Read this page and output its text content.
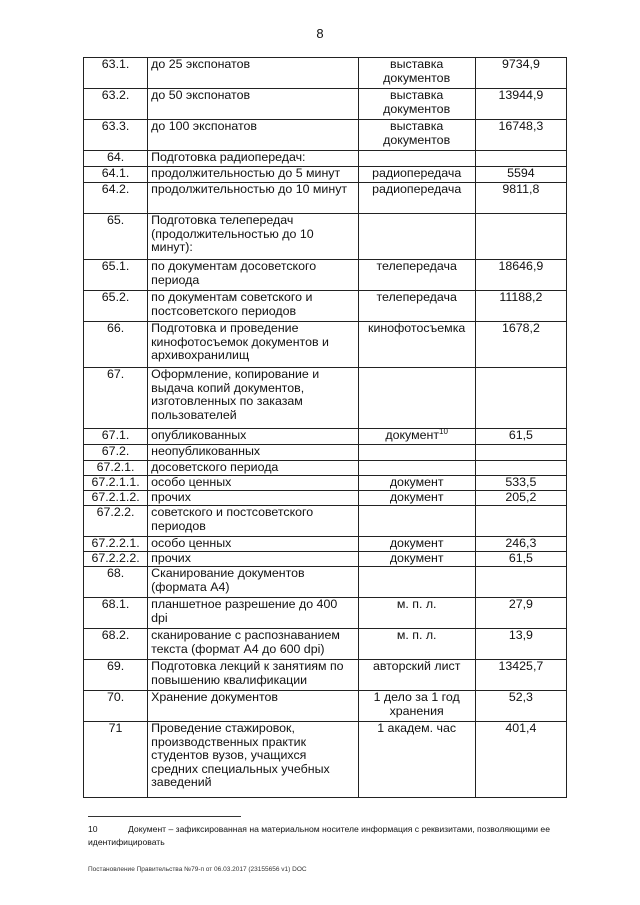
8
63.1.	до 25 экспонатов	выставка документов	9734,9
63.2.	до 50 экспонатов	выставка документов	13944,9
63.3.	до 100 экспонатов	выставка документов	16748,3
64.	Подготовка радиопередач:		
64.1.	продолжительностью до 5 минут	радиопередача	5594
64.2.	продолжительностью до 10 минут	радиопередача	9811,8
65.	Подготовка телепередач (продолжительностью до 10 минут):		
65.1.	по документам досоветского периода	телепередача	18646,9
65.2.	по документам советского и постсоветского периодов	телепередача	11188,2
66.	Подготовка и проведение кинофотосъемок документов и архивохранилищ	кинофотосъемка	1678,2
67.	Оформление, копирование и выдача копий документов, изготовленных по заказам пользователей		
67.1.	опубликованных	документ$^{10}$	61,5
67.2.	неопубликованных		
67.2.1.	досоветского периода		
67.2.1.1.	особо ценных	документ	533,5
67.2.1.2.	прочих	документ	205,2
67.2.2.	советского и постсоветского периодов		
67.2.2.1.	особо ценных	документ	246,3
67.2.2.2.	прочих	документ	61,5
68.	Сканирование документов (формата А4)		
68.1.	планшетное разрешение до 400 dpi	м. п. л.	27,9
68.2.	сканирование с распознаванием текста (формат А4 до 600 dpi)	м. п. л.	13,9
69.	Подготовка лекций к занятиям по повышению квалификации	авторский лист	13425,7
70.	Хранение документов	1 дело за 1 год хранения	52,3
71	Проведение стажировок, производственных практик студентов вузов, учащихся средних специальных учебных заведений	1 академ. час	401,4
10	Документ – зафиксированная на материальном носителе информация с реквизитами, позволяющими ее идентифицировать
Постановление Правительства №79-п от 06.03.2017 (23155656 v1) DOC
